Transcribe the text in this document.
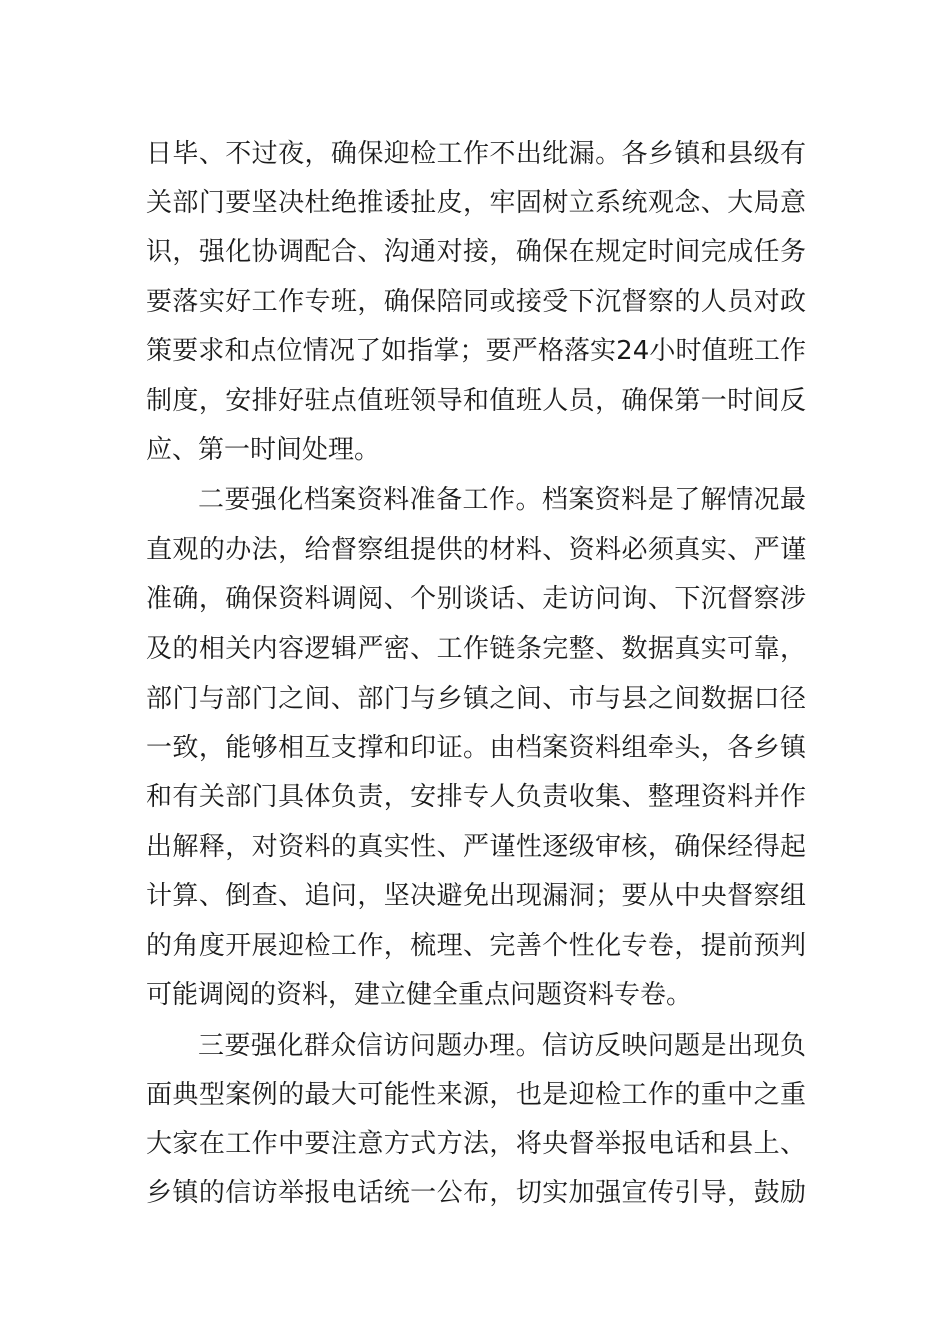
日毕、不过夜，确保迎检工作不出纰漏。各乡镇和县级有
关部门要坚决杜绝推诿扯皮，牢固树立系统观念、大局意
识，强化协调配合、沟通对接，确保在规定时间完成任务
要落实好工作专班，确保陪同或接受下沉督察的人员对政
策要求和点位情况了如指掌；要严格落实24小时值班工作
制度，安排好驻点值班领导和值班人员，确保第一时间反
应、第一时间处理。
二要强化档案资料准备工作。档案资料是了解情况最
直观的办法，给督察组提供的材料、资料必须真实、严谨
准确，确保资料调阅、个别谈话、走访问询、下沉督察涉
及的相关内容逻辑严密、工作链条完整、数据真实可靠，
部门与部门之间、部门与乡镇之间、市与县之间数据口径
一致，能够相互支撑和印证。由档案资料组牵头，各乡镇
和有关部门具体负责，安排专人负责收集、整理资料并作
出解释，对资料的真实性、严谨性逐级审核，确保经得起
计算、倒查、追问，坚决避免出现漏洞；要从中央督察组
的角度开展迎检工作，梳理、完善个性化专卷，提前预判
可能调阅的资料，建立健全重点问题资料专卷。
三要强化群众信访问题办理。信访反映问题是出现负
面典型案例的最大可能性来源，也是迎检工作的重中之重
大家在工作中要注意方式方法，将央督举报电话和县上、
乡镇的信访举报电话统一公布，切实加强宣传引导，鼓励
